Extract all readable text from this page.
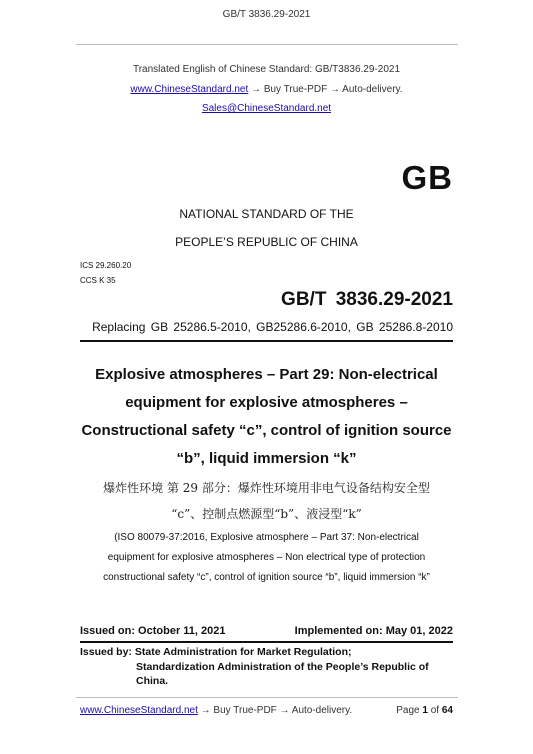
GB/T 3836.29-2021
Translated English of Chinese Standard: GB/T3836.29-2021
www.ChineseStandard.net → Buy True-PDF → Auto-delivery.
Sales@ChineseStandard.net
GB
NATIONAL STANDARD OF THE
PEOPLE’S REPUBLIC OF CHINA
ICS 29.260.20
CCS K 35
GB/T 3836.29-2021
Replacing GB 25286.5-2010, GB25286.6-2010, GB 25286.8-2010
Explosive atmospheres – Part 29: Non-electrical
equipment for explosive atmospheres –
Constructional safety “c”, control of ignition source
“b”, liquid immersion “k”
爆炸性环境 第 29 部分：爆炸性环境用非电气设备结构安全型
“c”、控制点燃源型“b”、液浸型“k”
(ISO 80079-37:2016, Explosive atmosphere – Part 37: Non-electrical
equipment for explosive atmospheres – Non electrical type of protection
constructional safety “c”, control of ignition source “b”, liquid immersion “k”
Issued on: October 11, 2021	Implemented on: May 01, 2022
Issued by: State Administration for Market Regulation;
Standardization Administration of the People’s Republic of
China.
www.ChineseStandard.net → Buy True-PDF → Auto-delivery.	Page 1 of 64
